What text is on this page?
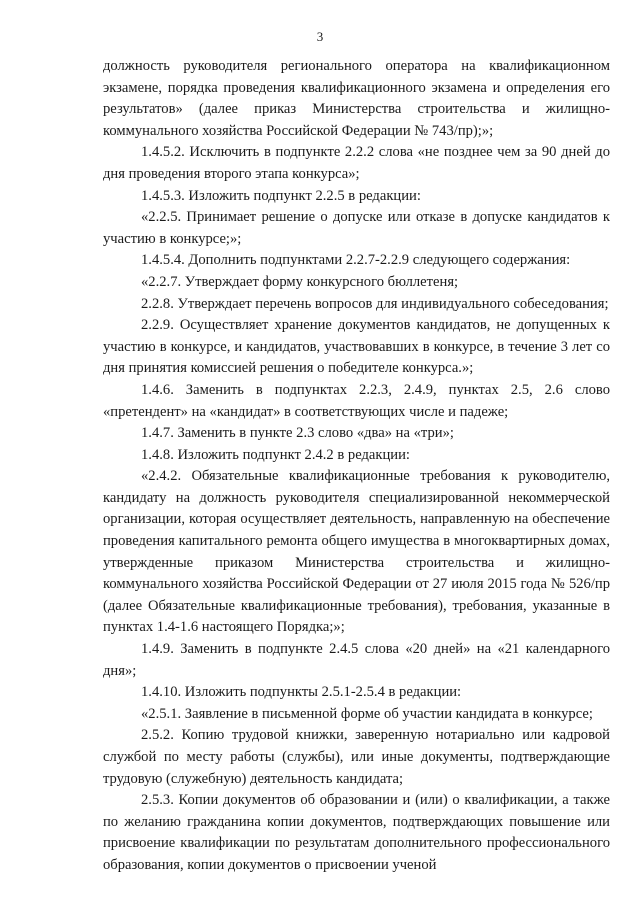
3

должность руководителя регионального оператора на квалификационном экзамене, порядка проведения квалификационного экзамена и определения его результатов» (далее приказ Министерства строительства и жилищно-коммунального хозяйства Российской Федерации № 743/пр);»;

1.4.5.2. Исключить в подпункте 2.2.2 слова «не позднее чем за 90 дней до дня проведения второго этапа конкурса»;

1.4.5.3. Изложить подпункт 2.2.5 в редакции:

«2.2.5. Принимает решение о допуске или отказе в допуске кандидатов к участию в конкурсе;»;

1.4.5.4. Дополнить подпунктами 2.2.7-2.2.9 следующего содержания:

«2.2.7. Утверждает форму конкурсного бюллетеня;

2.2.8. Утверждает перечень вопросов для индивидуального собеседования;

2.2.9. Осуществляет хранение документов кандидатов, не допущенных к участию в конкурсе, и кандидатов, участвовавших в конкурсе, в течение 3 лет со дня принятия комиссией решения о победителе конкурса.»;

1.4.6. Заменить в подпунктах 2.2.3, 2.4.9, пунктах 2.5, 2.6 слово «претендент» на «кандидат» в соответствующих числе и падеже;

1.4.7. Заменить в пункте 2.3 слово «два» на «три»;

1.4.8. Изложить подпункт 2.4.2 в редакции:

«2.4.2. Обязательные квалификационные требования к руководителю, кандидату на должность руководителя специализированной некоммерческой организации, которая осуществляет деятельность, направленную на обеспечение проведения капитального ремонта общего имущества в многоквартирных домах, утвержденные приказом Министерства строительства и жилищно-коммунального хозяйства Российской Федерации от 27 июля 2015 года № 526/пр (далее Обязательные квалификационные требования), требования, указанные в пунктах 1.4-1.6 настоящего Порядка;»;

1.4.9. Заменить в подпункте 2.4.5 слова «20 дней» на «21 календарного дня»;

1.4.10. Изложить подпункты 2.5.1-2.5.4 в редакции:

«2.5.1. Заявление в письменной форме об участии кандидата в конкурсе;

2.5.2. Копию трудовой книжки, заверенную нотариально или кадровой службой по месту работы (службы), или иные документы, подтверждающие трудовую (служебную) деятельность кандидата;

2.5.3. Копии документов об образовании и (или) о квалификации, а также по желанию гражданина копии документов, подтверждающих повышение или присвоение квалификации по результатам дополнительного профессионального образования, копии документов о присвоении ученой
